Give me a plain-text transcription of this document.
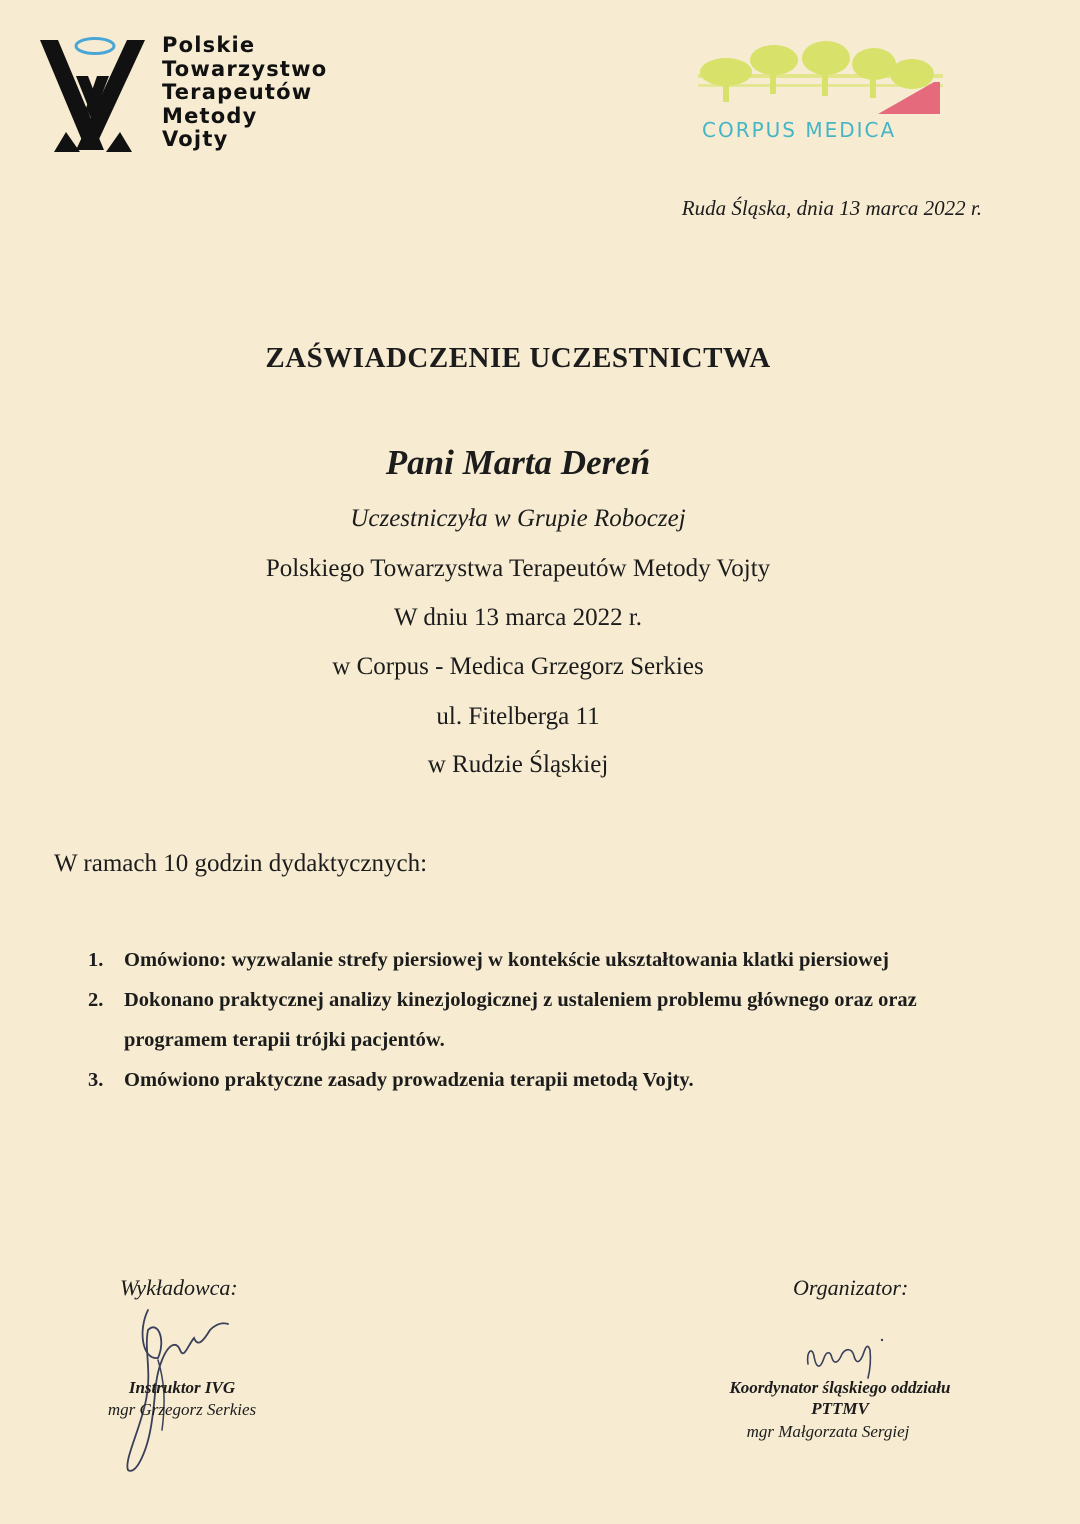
Polskie
Towarzystwo
Terapeutów
Metody
Vojty	CORPUS MEDICA
Ruda Śląska, dnia 13 marca 2022 r.
ZAŚWIADCZENIE UCZESTNICTWA
Pani Marta Dereń
Uczestniczyła w Grupie Roboczej
Polskiego Towarzystwa Terapeutów Metody Vojty
W dniu 13 marca 2022 r.
w Corpus - Medica Grzegorz Serkies
ul. Fitelberga 11
w Rudzie Śląskiej
W ramach 10 godzin dydaktycznych:
1. Omówiono: wyzwalanie strefy piersiowej w kontekście ukształtowania klatki piersiowej
2. Dokonano praktycznej analizy kinezjologicznej z ustaleniem problemu głównego oraz oraz programem terapii trójki pacjentów.
3. Omówiono praktyczne zasady prowadzenia terapii metodą Vojty.
Wykładowca:
Instruktor IVG
mgr Grzegorz Serkies
Organizator:
Koordynator śląskiego oddziału
PTTMV
mgr Małgorzata Sergiej
